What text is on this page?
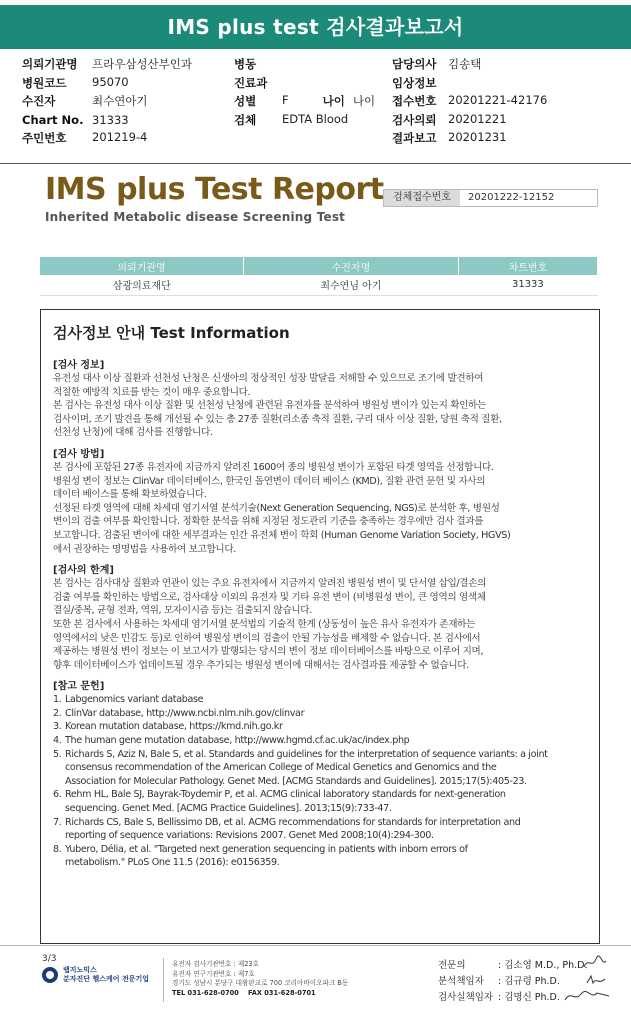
IMS plus test 검사결과보고서
의뢰기관명	프라우삼성산부인과	병동	담당의사	김송택
병원코드	95070	진료과	임상정보
수진자	최수연아기	성별	F	나이 나이 접수번호	20201221-42176
Chart No. 31333	검체	EDTA Blood	검사의뢰	20201221
주민번호	201219-4	결과보고	20201231
IMS plus Test Report
Inherited Metabolic disease Screening Test
검체접수번호	20201222-12152
의뢰기관명	수진자명	차트번호
삼광의료재단	최수연님 아기	31333
검사정보 안내 Test Information
[검사 정보]
유전성 대사 이상 질환과 선천성 난청은 신생아의 정상적인 성장 발달을 저해할 수 있으므로 조기에 발견하여
적절한 예방적 치료를 받는 것이 매우 중요합니다.
본 검사는 유전성 대사 이상 질환 및 선천성 난청에 관련된 유전자를 분석하여 병원성 변이가 있는지 확인하는
검사이며, 조기 발견을 통해 개선될 수 있는 총 27종 질환(리소좀 축적 질환, 구리 대사 이상 질환, 당원 축적 질환,
선천성 난청)에 대해 검사를 진행합니다.
[검사 방법]
본 검사에 포함된 27종 유전자에 지금까지 알려진 1600여 종의 병원성 변이가 포함된 타겟 영역을 선정합니다.
병원성 변이 정보는 ClinVar 데이터베이스, 한국인 돌연변이 데이터 베이스 (KMD), 질환 관련 문헌 및 자사의
데이터 베이스를 통해 확보하였습니다.
선정된 타겟 영역에 대해 차세대 염기서열 분석기술(Next Generation Sequencing, NGS)로 분석한 후, 병원성
변이의 검출 여부를 확인합니다. 정확한 분석을 위해 지정된 정도관리 기준을 충족하는 경우에만 검사 결과를
보고합니다. 검출된 변이에 대한 세부결과는 인간 유전체 변이 학회 (Human Genome Variation Society, HGVS)
에서 권장하는 명명법을 사용하여 보고합니다.
[검사의 한계]
본 검사는 검사대상 질환과 연관이 있는 주요 유전자에서 지금까지 알려진 병원성 변이 및 단서열 삽입/결손의
검출 여부를 확인하는 방법으로, 검사대상 이외의 유전자 및 기타 유전 변이 (비병원성 변이, 큰 영역의 염색체
결실/중복, 균형 전좌, 역위, 모자이시즘 등)는 검출되지 않습니다.
또한 본 검사에서 사용하는 차세대 염기서열 분석법의 기술적 한계 (상동성이 높은 유사 유전자가 존재하는
영역에서의 낮은 민감도 등)로 인하여 병원성 변이의 검출이 안될 가능성을 배제할 수 없습니다. 본 검사에서
제공하는 병원성 변이 정보는 이 보고서가 발행되는 당시의 변이 정보 데이터베이스를 바탕으로 이루어 지며,
향후 데이터베이스가 업데이트될 경우 추가되는 병원성 변이에 대해서는 검사결과를 제공할 수 없습니다.
[참고 문헌]
1. Labgenomics variant database
2. ClinVar database, http://www.ncbi.nlm.nih.gov/clinvar
3. Korean mutation database, https://kmd.nih.go.kr
4. The human gene mutation database, http://www.hgmd.cf.ac.uk/ac/index.php
5. Richards S, Aziz N, Bale S, et al. Standards and guidelines for the interpretation of sequence variants: a joint
consensus recommendation of the American College of Medical Genetics and Genomics and the
Association for Molecular Pathology. Genet Med. [ACMG Standards and Guidelines]. 2015;17(5):405-23.
6. Rehm HL, Bale SJ, Bayrak-Toydemir P, et al. ACMG clinical laboratory standards for next-generation
sequencing. Genet Med. [ACMG Practice Guidelines]. 2013;15(9):733-47.
7. Richards CS, Bale S, Bellissimo DB, et al. ACMG recommendations for standards for interpretation and
reporting of sequence variations: Revisions 2007. Genet Med 2008;10(4):294-300.
8. Yubero, Délia, et al. "Targeted next generation sequencing in patients with inborn errors of
metabolism." PLoS One 11.5 (2016): e0156359.
3/3
랩지노믹스
분자진단 헬스케어 전문기업
유전자 검사기관번호 : 제23호
유전자 연구기관번호 : 제7호
경기도 성남시 분당구 대왕판교로 700 코리아바이오파크 B동
TEL 031-628-0700 FAX 031-628-0701
전문의	: 김소영 M.D., Ph.D.
분석책임자	: 김규령 Ph.D.
검사실책임자 : 김명신 Ph.D.
